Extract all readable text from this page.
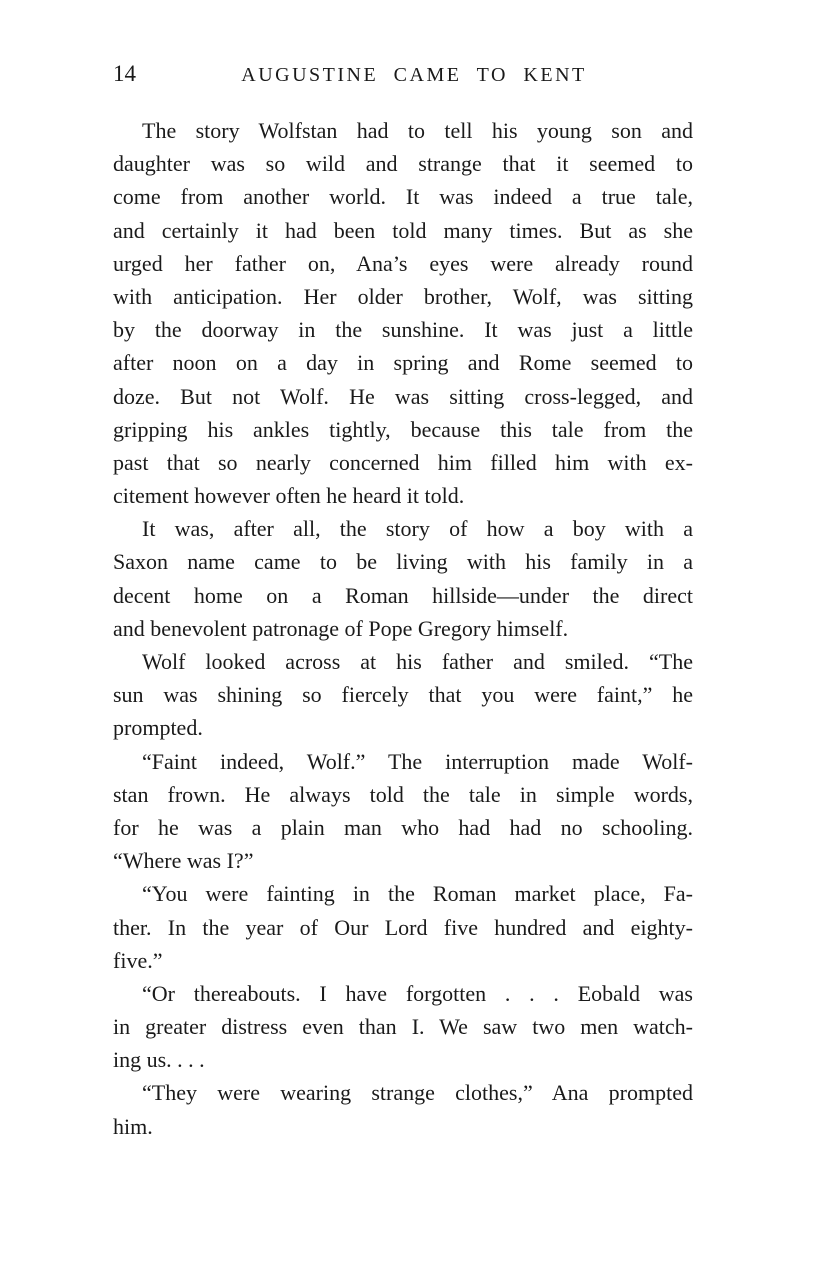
14	AUGUSTINE CAME TO KENT
The story Wolfstan had to tell his young son and
daughter was so wild and strange that it seemed to
come from another world. It was indeed a true tale,
and certainly it had been told many times. But as she
urged her father on, Ana’s eyes were already round
with anticipation. Her older brother, Wolf, was sitting
by the doorway in the sunshine. It was just a little
after noon on a day in spring and Rome seemed to
doze. But not Wolf. He was sitting cross-legged, and
gripping his ankles tightly, because this tale from the
past that so nearly concerned him filled him with ex-
citement however often he heard it told.
It was, after all, the story of how a boy with a
Saxon name came to be living with his family in a
decent home on a Roman hillside—under the direct
and benevolent patronage of Pope Gregory himself.
Wolf looked across at his father and smiled. “The
sun was shining so fiercely that you were faint,” he
prompted.
“Faint indeed, Wolf.” The interruption made Wolf-
stan frown. He always told the tale in simple words,
for he was a plain man who had had no schooling.
“Where was I?”
“You were fainting in the Roman market place, Fa-
ther. In the year of Our Lord five hundred and eighty-
five.”
“Or thereabouts. I have forgotten . . . Eobald was
in greater distress even than I. We saw two men watch-
ing us. . . .
“They were wearing strange clothes,” Ana prompted
him.
